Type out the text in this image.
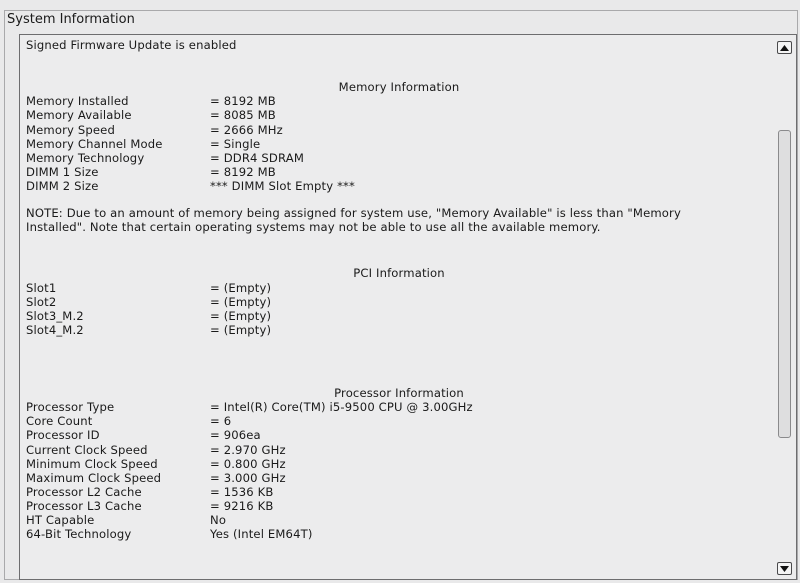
System Information
Signed Firmware Update is enabled
Memory Information
Memory Installed	= 8192 MB
Memory Available	= 8085 MB
Memory Speed	= 2666 MHz
Memory Channel Mode	= Single
Memory Technology	= DDR4 SDRAM
DIMM 1 Size	= 8192 MB
DIMM 2 Size	*** DIMM Slot Empty ***
NOTE: Due to an amount of memory being assigned for system use, "Memory Available" is less than "Memory Installed". Note that certain operating systems may not be able to use all the available memory.
PCI Information
Slot1	= (Empty)
Slot2	= (Empty)
Slot3_M.2	= (Empty)
Slot4_M.2	= (Empty)
Processor Information
Processor Type	= Intel(R) Core(TM) i5-9500 CPU @ 3.00GHz
Core Count	= 6
Processor ID	= 906ea
Current Clock Speed	= 2.970 GHz
Minimum Clock Speed	= 0.800 GHz
Maximum Clock Speed	= 3.000 GHz
Processor L2 Cache	= 1536 KB
Processor L3 Cache	= 9216 KB
HT Capable	No
64-Bit Technology	Yes (Intel EM64T)
